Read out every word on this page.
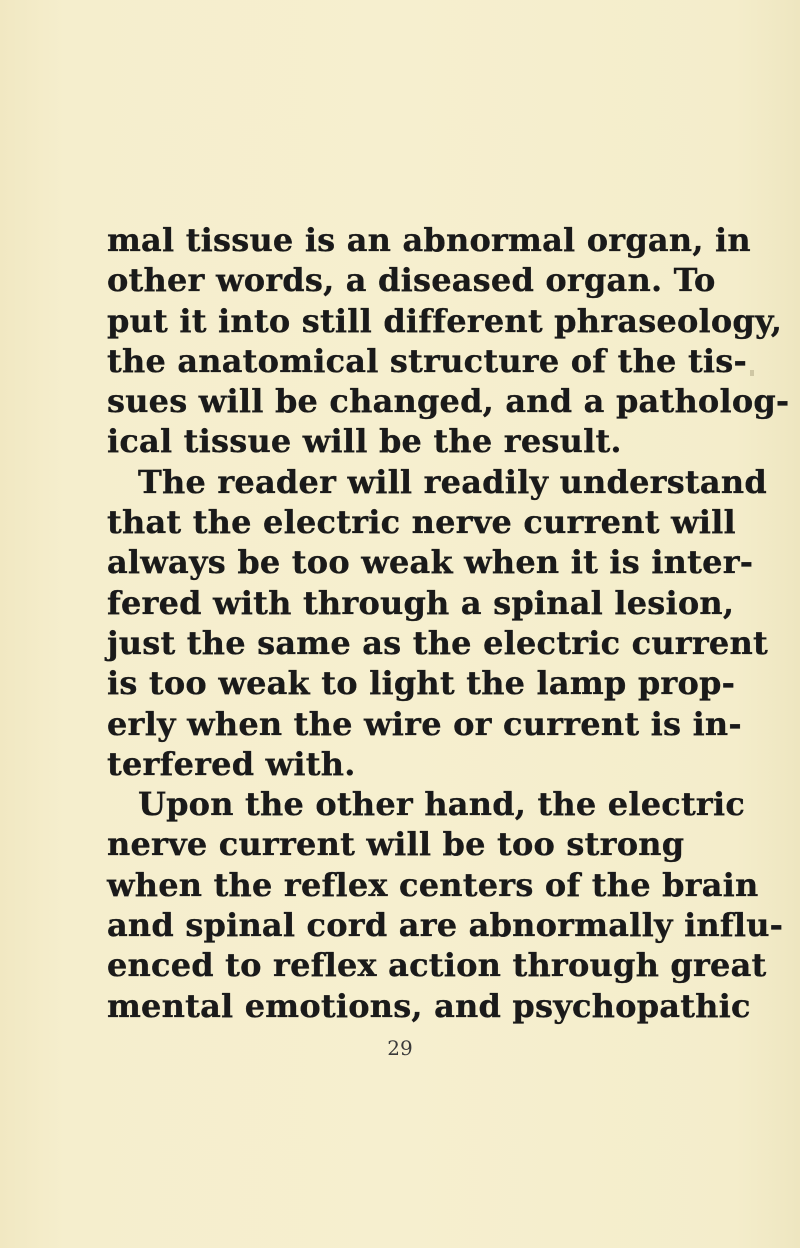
mal tissue is an abnormal organ, in
other words, a diseased organ. To
put it into still different phraseology,
the anatomical structure of the tis-
sues will be changed, and a patholog-
ical tissue will be the result.
The reader will readily understand
that the electric nerve current will
always be too weak when it is inter-
fered with through a spinal lesion,
just the same as the electric current
is too weak to light the lamp prop-
erly when the wire or current is in-
terfered with.
Upon the other hand, the electric
nerve current will be too strong
when the reflex centers of the brain
and spinal cord are abnormally influ-
enced to reflex action through great
mental emotions, and psychopathic
29
